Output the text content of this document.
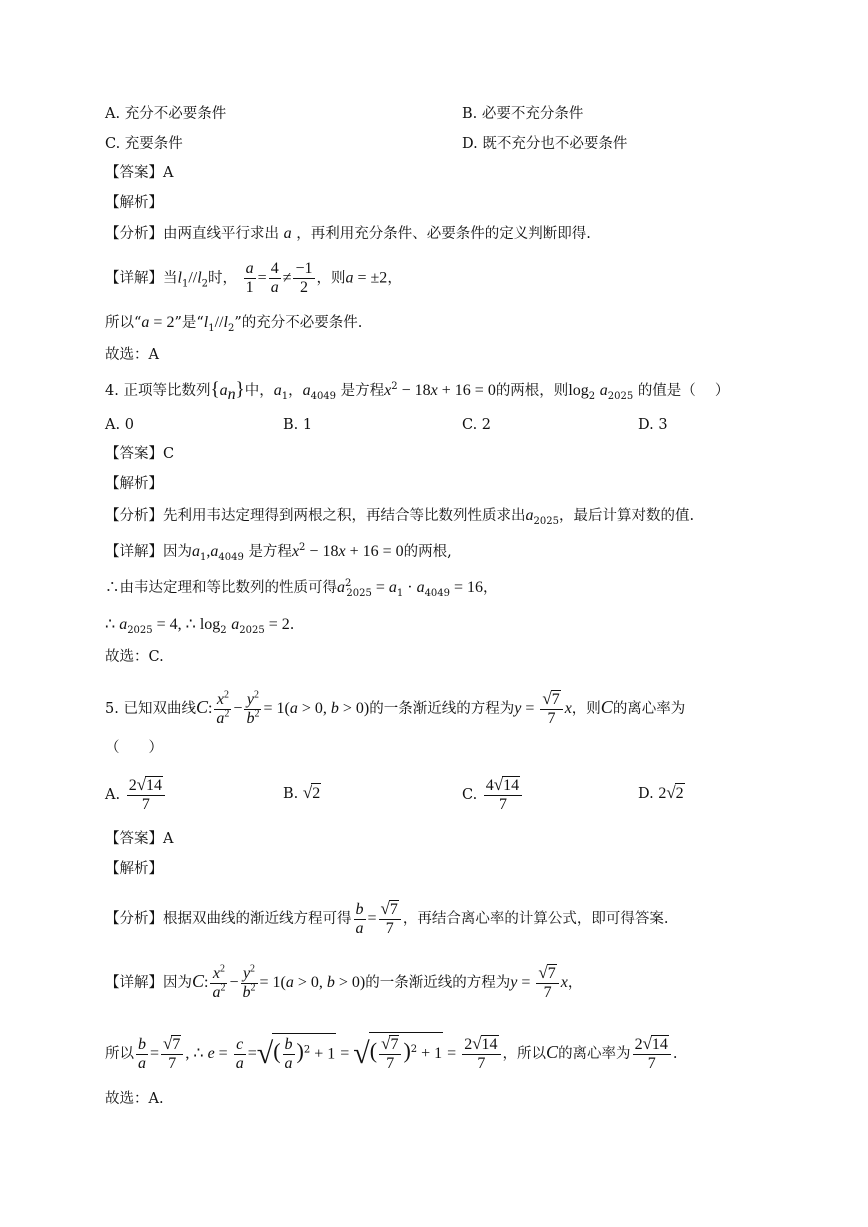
A. 充分不必要条件	B. 必要不充分条件
C. 充要条件	D. 既不充分也不必要条件
【答案】A
【解析】
【分析】由两直线平行求出 a ，再利用充分条件、必要条件的定义判断即得.
【详解】当$l_1//l_2$时， $\frac{a}{1} = \frac{4}{a} \ne \frac{-1}{2}$ ，则a = ±2，
所以“a = 2”是“$l_1//l_2$”的充分不必要条件.
故选：A
4. 正项等比数列$\{a_n\}$中，$a_1$，$a_{4049}$ 是方程$x^2 - 18x + 16 = 0$的两根，则$\log_2 a_{2025}$ 的值是（　 ）
A. 0	B. 1	C. 2	D. 3
【答案】C
【解析】
【分析】先利用韦达定理得到两根之积，再结合等比数列性质求出$a_{2025}$，最后计算对数的值.
【详解】因为$a_1,a_{4049}$ 是方程$x^2 - 18x + 16 = 0$的两根,
∴由韦达定理和等比数列的性质可得$a^2_{2025} = a_1 \cdot a_{4049} = 16$，
∴ $a_{2025} = 4$, ∴ $\log_2 a_{2025} = 2$.
故选：C.
5. 已知双曲线C: $\frac{x^2}{a^2} - \frac{y^2}{b^2} = 1(a > 0$, b > 0)的一条渐近线的方程为$y = \frac{√7}{7}$ x，则C的离心率为
（　　）
A. $\frac{2√14}{7}$	B. √2	C. $\frac{4√14}{7}$	D. 2√2
【答案】A
【解析】
【分析】根据双曲线的渐近线方程可得 $\frac{b}{a} = \frac{√7}{7}$ ，再结合离心率的计算公式，即可得答案.
【详解】因为C: $\frac{x^2}{a^2} - \frac{y^2}{b^2} = 1(a > 0$, b > 0)的一条渐近线的方程为$y = \frac{√7}{7}$ x，
所以 $\frac{b}{a} = \frac{√7}{7}$ , ∴ $e = \frac{c}{a}$ =√( $\frac{b}{a} )^2 + 1$ = √( $\frac{√7}{7} )^2 + 1 = \frac{2√14}{7}$ ，所以C的离心率为 $\frac{2√14}{7}$ .
故选：A.
